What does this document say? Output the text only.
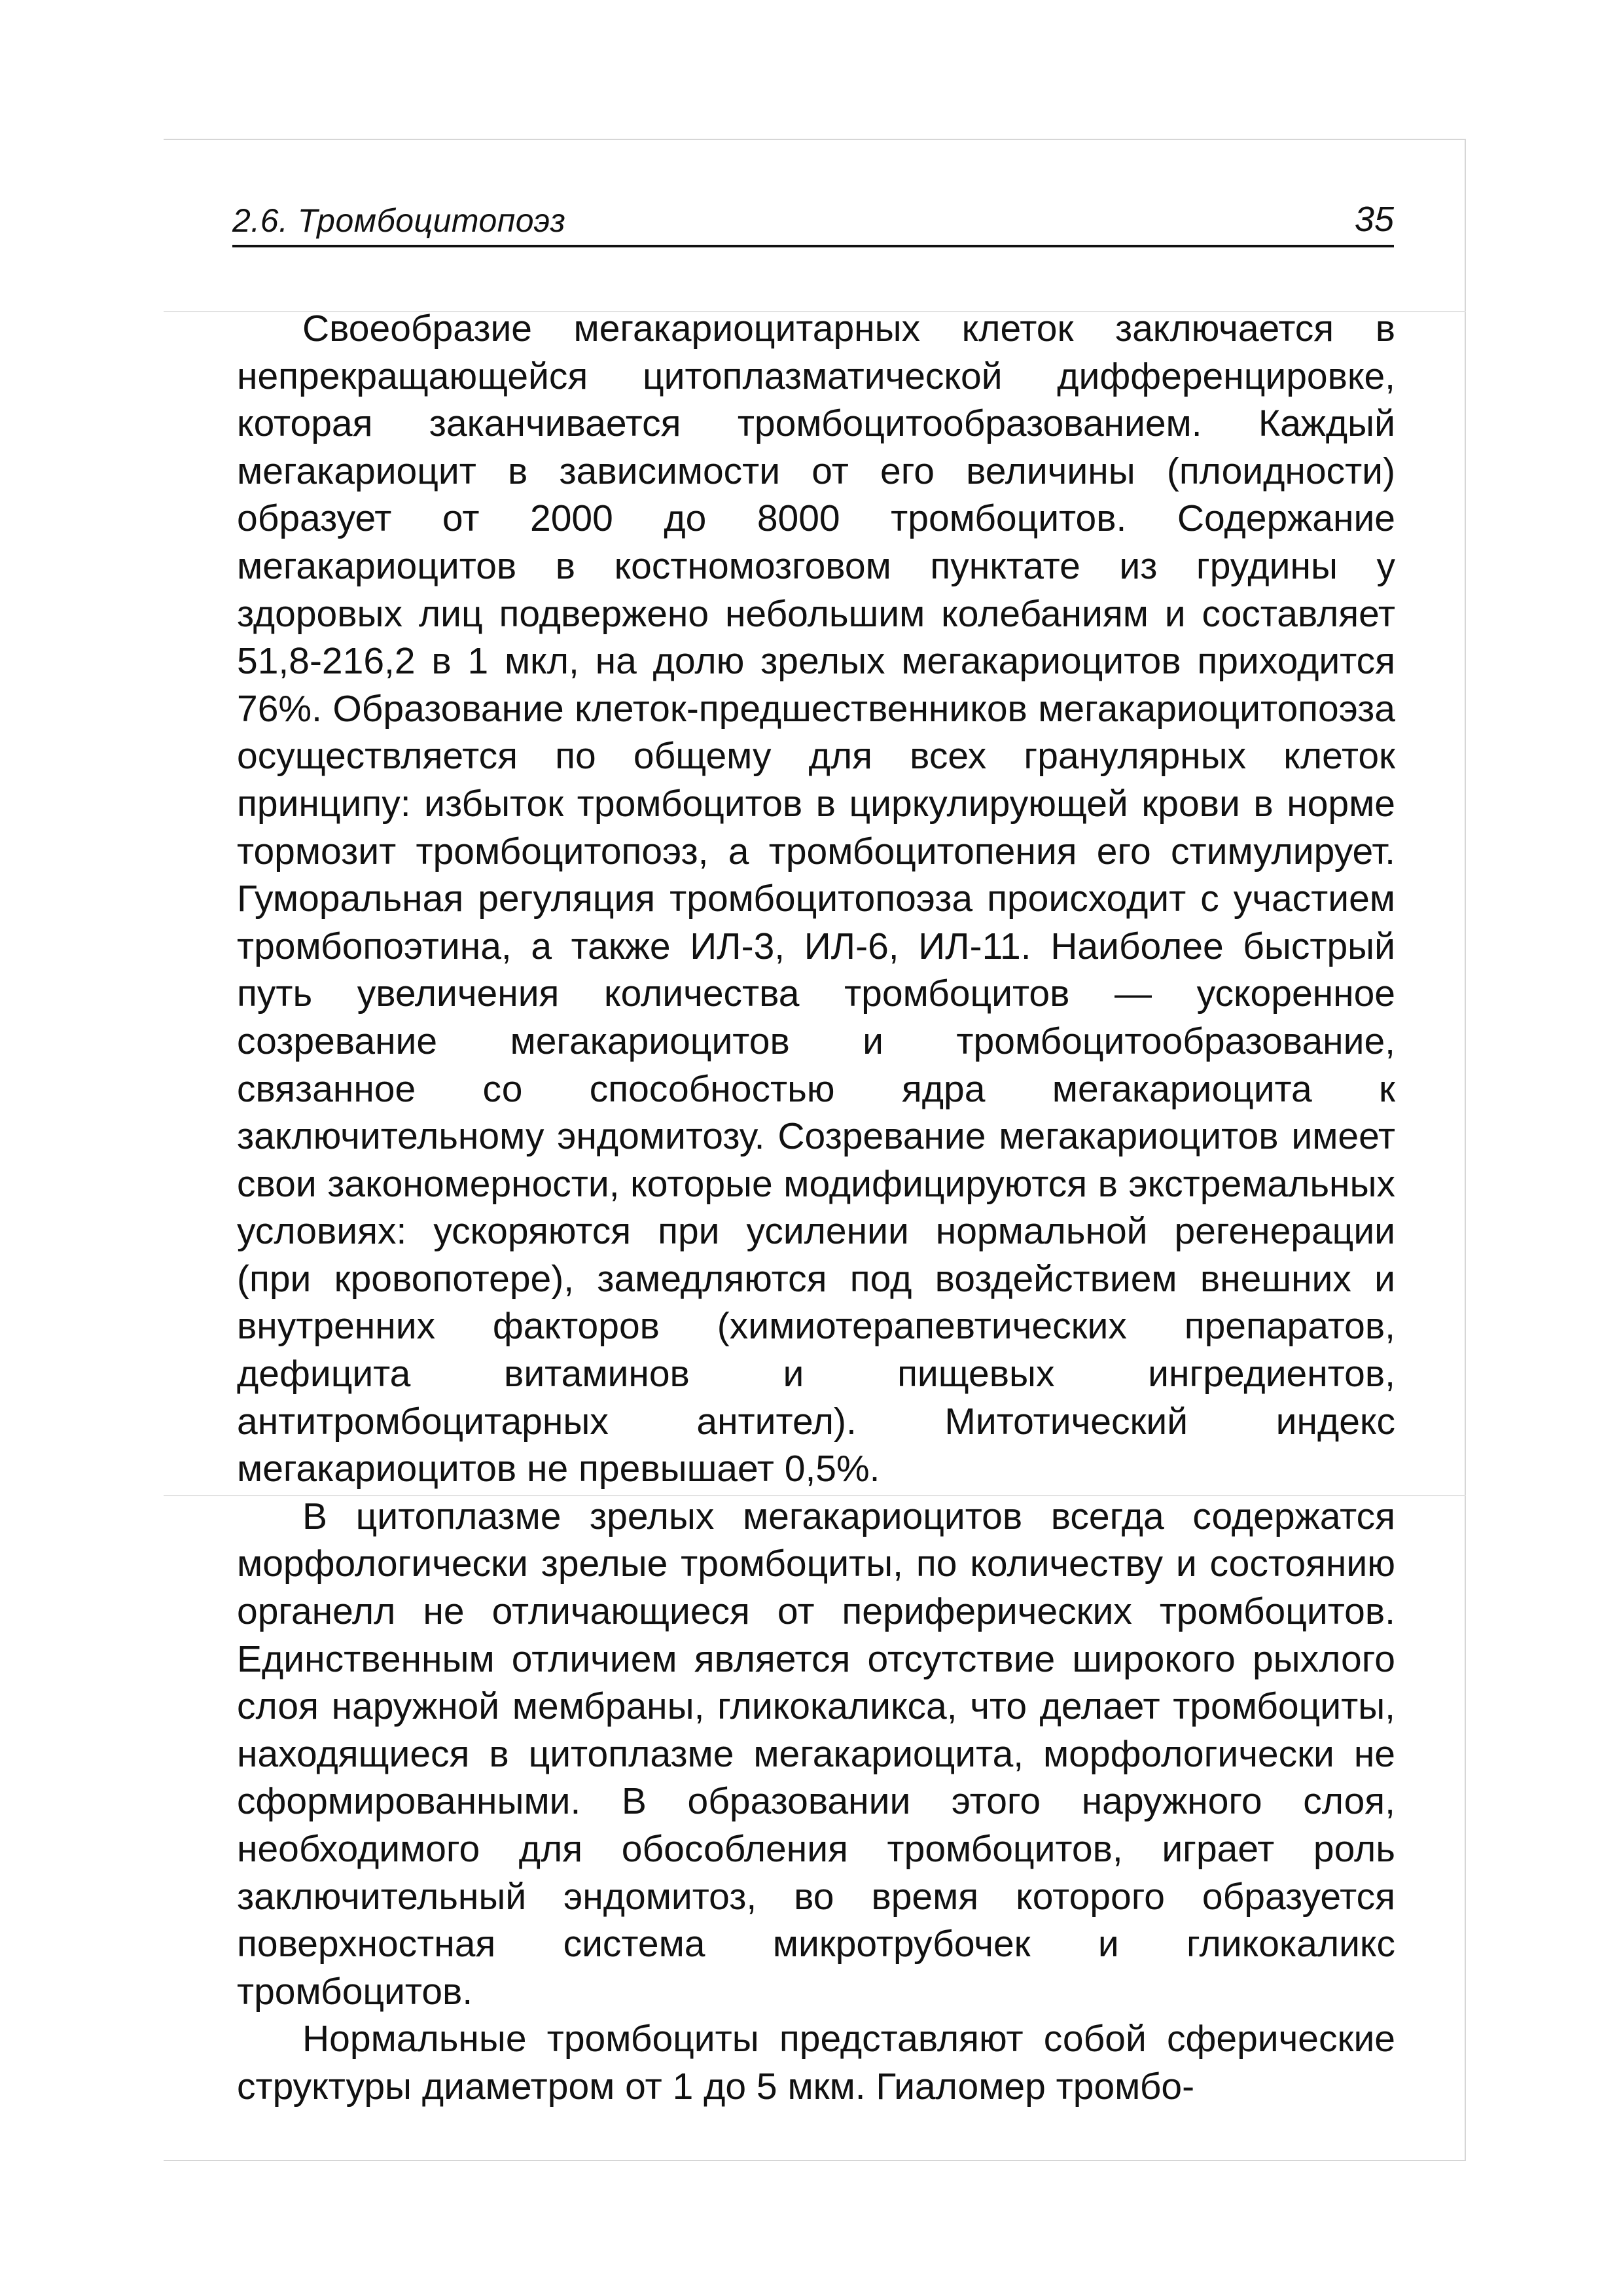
2.6. Тромбоцитопоэз	35

Своеобразие мегакариоцитарных клеток заключается в непрекращающейся цитоплазматической дифференцировке, которая заканчивается тромбоцитообразованием. Каждый мегакариоцит в зависимости от его величины (плоидности) образует от 2000 до 8000 тромбоцитов. Содержание мегакариоцитов в костномозговом пунктате из грудины у здоровых лиц подвержено небольшим колебаниям и составляет 51,8-216,2 в 1 мкл, на долю зрелых мегакариоцитов приходится 76%. Образование клеток-предшественников мегакариоцитопоэза осуществляется по общему для всех гранулярных клеток принципу: избыток тромбоцитов в циркулирующей крови в норме тормозит тромбоцитопоэз, а тромбоцитопения его стимулирует. Гуморальная регуляция тромбоцитопоэза происходит с участием тромбопоэтина, а также ИЛ-3, ИЛ-6, ИЛ-11. Наиболее быстрый путь увеличения количества тромбоцитов — ускоренное созревание мегакариоцитов и тромбоцитообразование, связанное со способностью ядра мегакариоцита к заключительному эндомитозу. Созревание мегакариоцитов имеет свои закономерности, которые модифицируются в экстремальных условиях: ускоряются при усилении нормальной регенерации (при кровопотере), замедляются под воздействием внешних и внутренних факторов (химиотерапевтических препаратов, дефицита витаминов и пищевых ингредиентов, антитромбоцитарных антител). Митотический индекс мегакариоцитов не превышает 0,5%.

В цитоплазме зрелых мегакариоцитов всегда содержатся морфологически зрелые тромбоциты, по количеству и состоянию органелл не отличающиеся от периферических тромбоцитов. Единственным отличием является отсутствие широкого рыхлого слоя наружной мембраны, гликокаликса, что делает тромбоциты, находящиеся в цитоплазме мегакариоцита, морфологически не сформированными. В образовании этого наружного слоя, необходимого для обособления тромбоцитов, играет роль заключительный эндомитоз, во время которого образуется поверхностная система микротрубочек и гликокаликс тромбоцитов.

Нормальные тромбоциты представляют собой сферические структуры диаметром от 1 до 5 мкм. Гиаломер тромбо-
